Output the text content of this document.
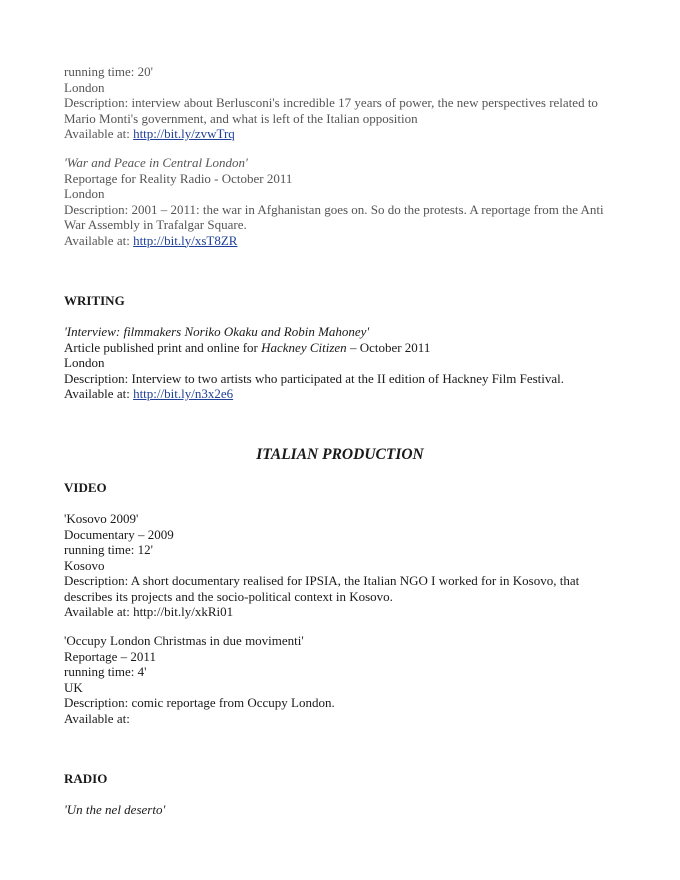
running time: 20'
London
Description: interview about Berlusconi's incredible 17 years of power, the new perspectives related to Mario Monti's government, and what is left of the Italian opposition
Available at: http://bit.ly/zvwTrq
'War and Peace in Central London'
Reportage for Reality Radio - October 2011
London
Description: 2001 – 2011: the war in Afghanistan goes on. So do the protests. A reportage from the Anti War Assembly in Trafalgar Square.
Available at: http://bit.ly/xsT8ZR
WRITING
'Interview: filmmakers Noriko Okaku and Robin Mahoney'
Article published print and online for Hackney Citizen – October 2011
London
Description: Interview to two artists who participated at the II edition of Hackney Film Festival.
Available at: http://bit.ly/n3x2e6
ITALIAN PRODUCTION
VIDEO
'Kosovo 2009'
Documentary – 2009
running time: 12'
Kosovo
Description: A short documentary realised for IPSIA, the Italian NGO I worked for in Kosovo, that describes its projects and the socio-political context in Kosovo.
Available at: http://bit.ly/xkRi01
'Occupy London Christmas in due movimenti'
Reportage – 2011
running time: 4'
UK
Description: comic reportage from Occupy London.
Available at:
RADIO
'Un the nel deserto'
